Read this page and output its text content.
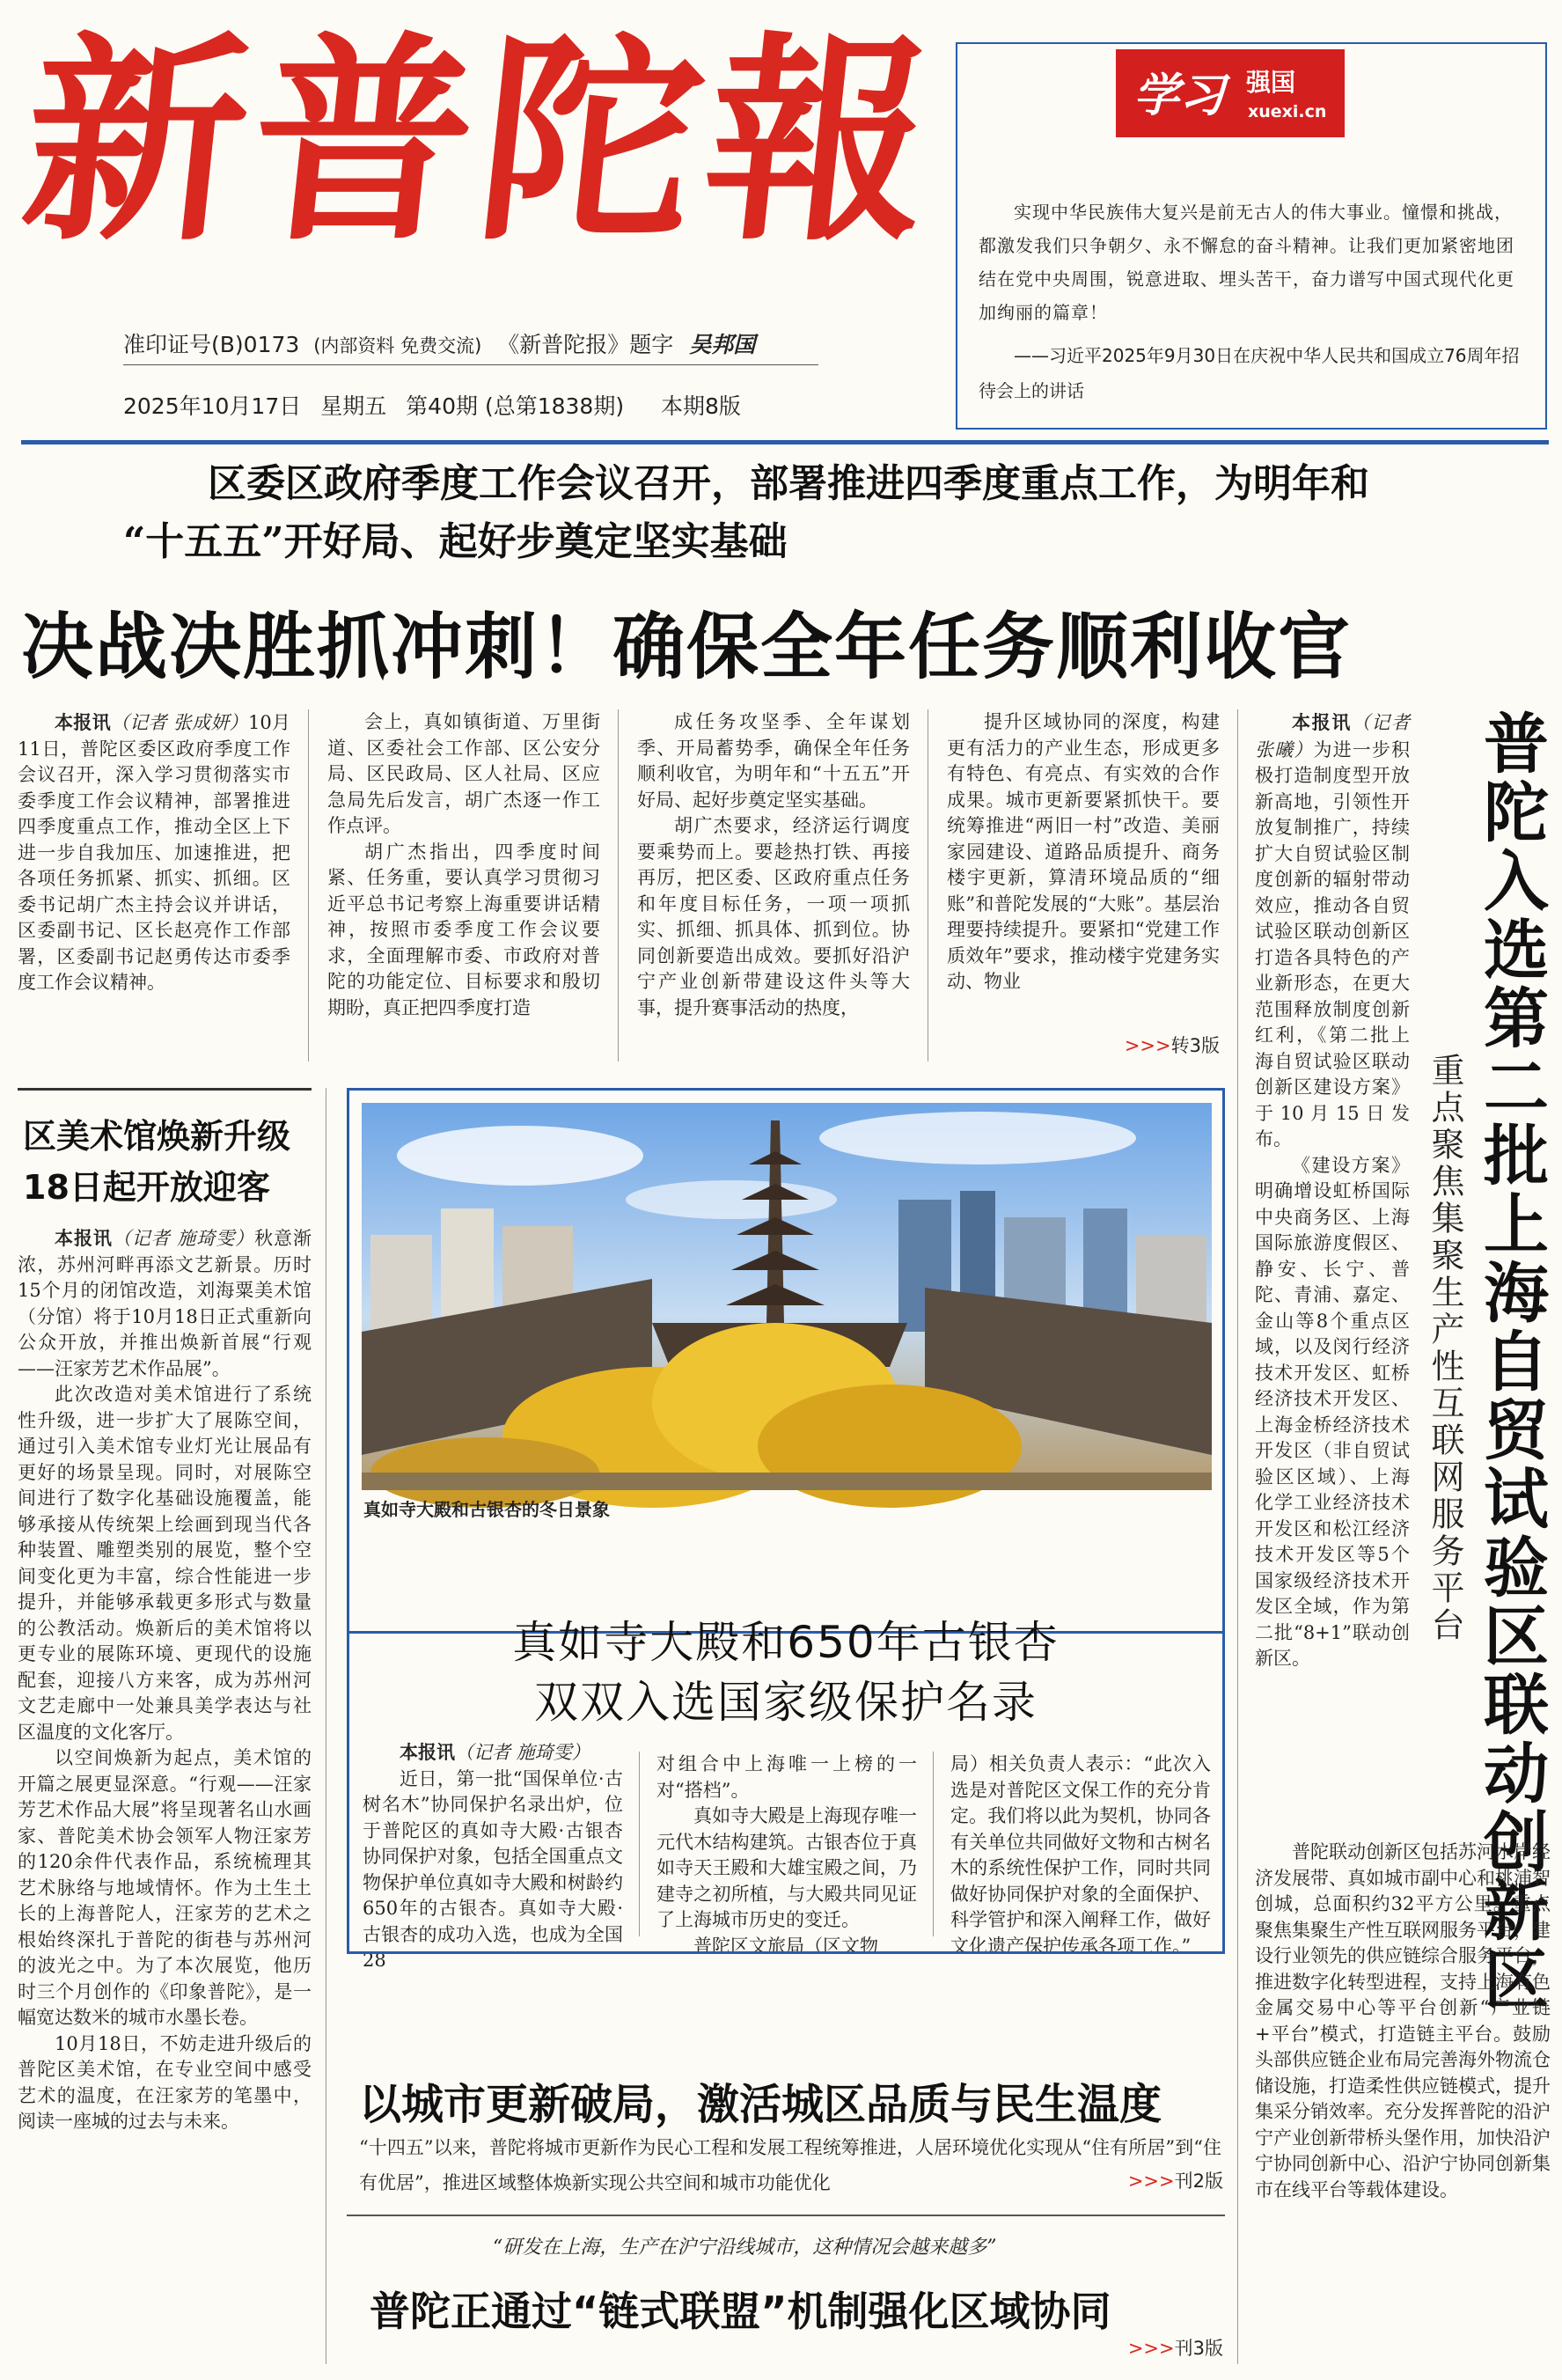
新普陀報
准印证号(B)0173 (内部资料 免费交流) 《新普陀报》题字 吴邦国
2025年10月17日 星期五 第40期 (总第1838期) 本期8版
学习 强国
xuexi.cn
实现中华民族伟大复兴是前无古人的伟大事业。憧憬和挑战，都激发我们只争朝夕、永不懈怠的奋斗精神。让我们更加紧密地团结在党中央周围，锐意进取、埋头苦干，奋力谱写中国式现代化更加绚丽的篇章！
——习近平2025年9月30日在庆祝中华人民共和国成立76周年招待会上的讲话
区委区政府季度工作会议召开，部署推进四季度重点工作，为明年和
“十五五”开好局、起好步奠定坚实基础
决战决胜抓冲刺！确保全年任务顺利收官

本报讯（记者 张成妍）10月11日，普陀区委区政府季度工作会议召开，深入学习贯彻落实市委季度工作会议精神，部署推进四季度重点工作，推动全区上下进一步自我加压、加速推进，把各项任务抓紧、抓实、抓细。区委书记胡广杰主持会议并讲话，区委副书记、区长赵亮作工作部署，区委副书记赵勇传达市委季度工作会议精神。

会上，真如镇街道、万里街道、区委社会工作部、区公安分局、区民政局、区人社局、区应急局先后发言，胡广杰逐一作工作点评。

胡广杰指出，四季度时间紧、任务重，要认真学习贯彻习近平总书记考察上海重要讲话精神，按照市委季度工作会议要求，全面理解市委、市政府对普陀的功能定位、目标要求和殷切期盼，真正把四季度打造

成任务攻坚季、全年谋划季、开局蓄势季，确保全年任务顺利收官，为明年和“十五五”开好局、起好步奠定坚实基础。

胡广杰要求，经济运行调度要乘势而上。要趁热打铁、再接再厉，把区委、区政府重点任务和年度目标任务，一项一项抓实、抓细、抓具体、抓到位。协同创新要造出成效。要抓好沿沪宁产业创新带建设这件头等大事，提升赛事活动的热度，

提升区域协同的深度，构建更有活力的产业生态，形成更多有特色、有亮点、有实效的合作成果。城市更新要紧抓快干。要统筹推进“两旧一村”改造、美丽家园建设、道路品质提升、商务楼宇更新，算清环境品质的“细账”和普陀发展的“大账”。基层治理要持续提升。要紧扣“党建工作质效年”要求，推动楼宇党建务实动、物业

>>>转3版	普陀入选第二批上海自贸试验区联动创新区
重点聚焦集聚生产性互联网服务平台

本报讯（记者 张曦）为进一步积极打造制度型开放新高地，引领性开放复制推广，持续扩大自贸试验区制度创新的辐射带动效应，推动各自贸试验区联动创新区打造各具特色的产业新形态，在更大范围释放制度创新红利，《第二批上海自贸试验区联动创新区建设方案》于10月15日发布。

《建设方案》明确增设虹桥国际中央商务区、上海国际旅游度假区、静安、长宁、普陀、青浦、嘉定、金山等8个重点区域，以及闵行经济技术开发区、虹桥经济技术开发区、上海金桥经济技术开发区（非自贸试验区区域）、上海化学工业经济技术开发区和松江经济技术开发区等5个国家级经济技术开发区全域，作为第二批“8+1”联动创新区。

普陀联动创新区包括苏河水岸经济发展带、真如城市副中心和桃浦智创城，总面积约32平方公里。重点聚焦集聚生产性互联网服务平台，建设行业领先的供应链综合服务平台，推进数字化转型进程，支持上海有色金属交易中心等平台创新“产业链+平台”模式，打造链主平台。鼓励头部供应链企业布局完善海外物流仓储设施，打造柔性供应链模式，提升集采分销效率。充分发挥普陀的沿沪宁产业创新带桥头堡作用，加快沿沪宁协同创新中心、沿沪宁协同创新集市在线平台等载体建设。

区美术馆焕新升级
18日起开放迎客

本报讯（记者 施琦雯）秋意渐浓，苏州河畔再添文艺新景。历时15个月的闭馆改造，刘海粟美术馆（分馆）将于10月18日正式重新向公众开放，并推出焕新首展“行观——汪家芳艺术作品展”。

此次改造对美术馆进行了系统性升级，进一步扩大了展陈空间，通过引入美术馆专业灯光让展品有更好的场景呈现。同时，对展陈空间进行了数字化基础设施覆盖，能够承接从传统架上绘画到现当代各种装置、雕塑类别的展览，整个空间变化更为丰富，综合性能进一步提升，并能够承载更多形式与数量的公教活动。焕新后的美术馆将以更专业的展陈环境、更现代的设施配套，迎接八方来客，成为苏州河文艺走廊中一处兼具美学表达与社区温度的文化客厅。

以空间焕新为起点，美术馆的开篇之展更显深意。“行观——汪家芳艺术作品大展”将呈现著名山水画家、普陀美术协会领军人物汪家芳的120余件代表作品，系统梳理其艺术脉络与地域情怀。作为土生土长的上海普陀人，汪家芳的艺术之根始终深扎于普陀的街巷与苏州河的波光之中。为了本次展览，他历时三个月创作的《印象普陀》，是一幅宽达数米的城市水墨长卷。

10月18日，不妨走进升级后的普陀区美术馆，在专业空间中感受艺术的温度，在汪家芳的笔墨中，阅读一座城的过去与未来。

真如寺大殿和古银杏的冬日景象
真如寺大殿和650年古银杏
双双入选国家级保护名录

本报讯（记者 施琦雯）

近日，第一批“国保单位·古树名木”协同保护名录出炉，位于普陀区的真如寺大殿·古银杏协同保护对象，包括全国重点文物保护单位真如寺大殿和树龄约650年的古银杏。真如寺大殿·古银杏的成功入选，也成为全国28

对组合中上海唯一上榜的一对“搭档”。

真如寺大殿是上海现存唯一元代木结构建筑。古银杏位于真如寺天王殿和大雄宝殿之间，乃建寺之初所植，与大殿共同见证了上海城市历史的变迁。

普陀区文旅局（区文物

局）相关负责人表示：“此次入选是对普陀区文保工作的充分肯定。我们将以此为契机，协同各有关单位共同做好文物和古树名木的系统性保护工作，同时共同做好协同保护对象的全面保护、科学管护和深入阐释工作，做好文化遗产保护传承各项工作。”

以城市更新破局，激活城区品质与民生温度
“十四五”以来，普陀将城市更新作为民心工程和发展工程统筹推进，人居环境优化实现从“住有所居”到“住有优居”，推进区域整体焕新实现公共空间和城市功能优化	>>>刊2版
“研发在上海，生产在沪宁沿线城市，这种情况会越来越多”
普陀正通过“链式联盟”机制强化区域协同
>>>刊3版
